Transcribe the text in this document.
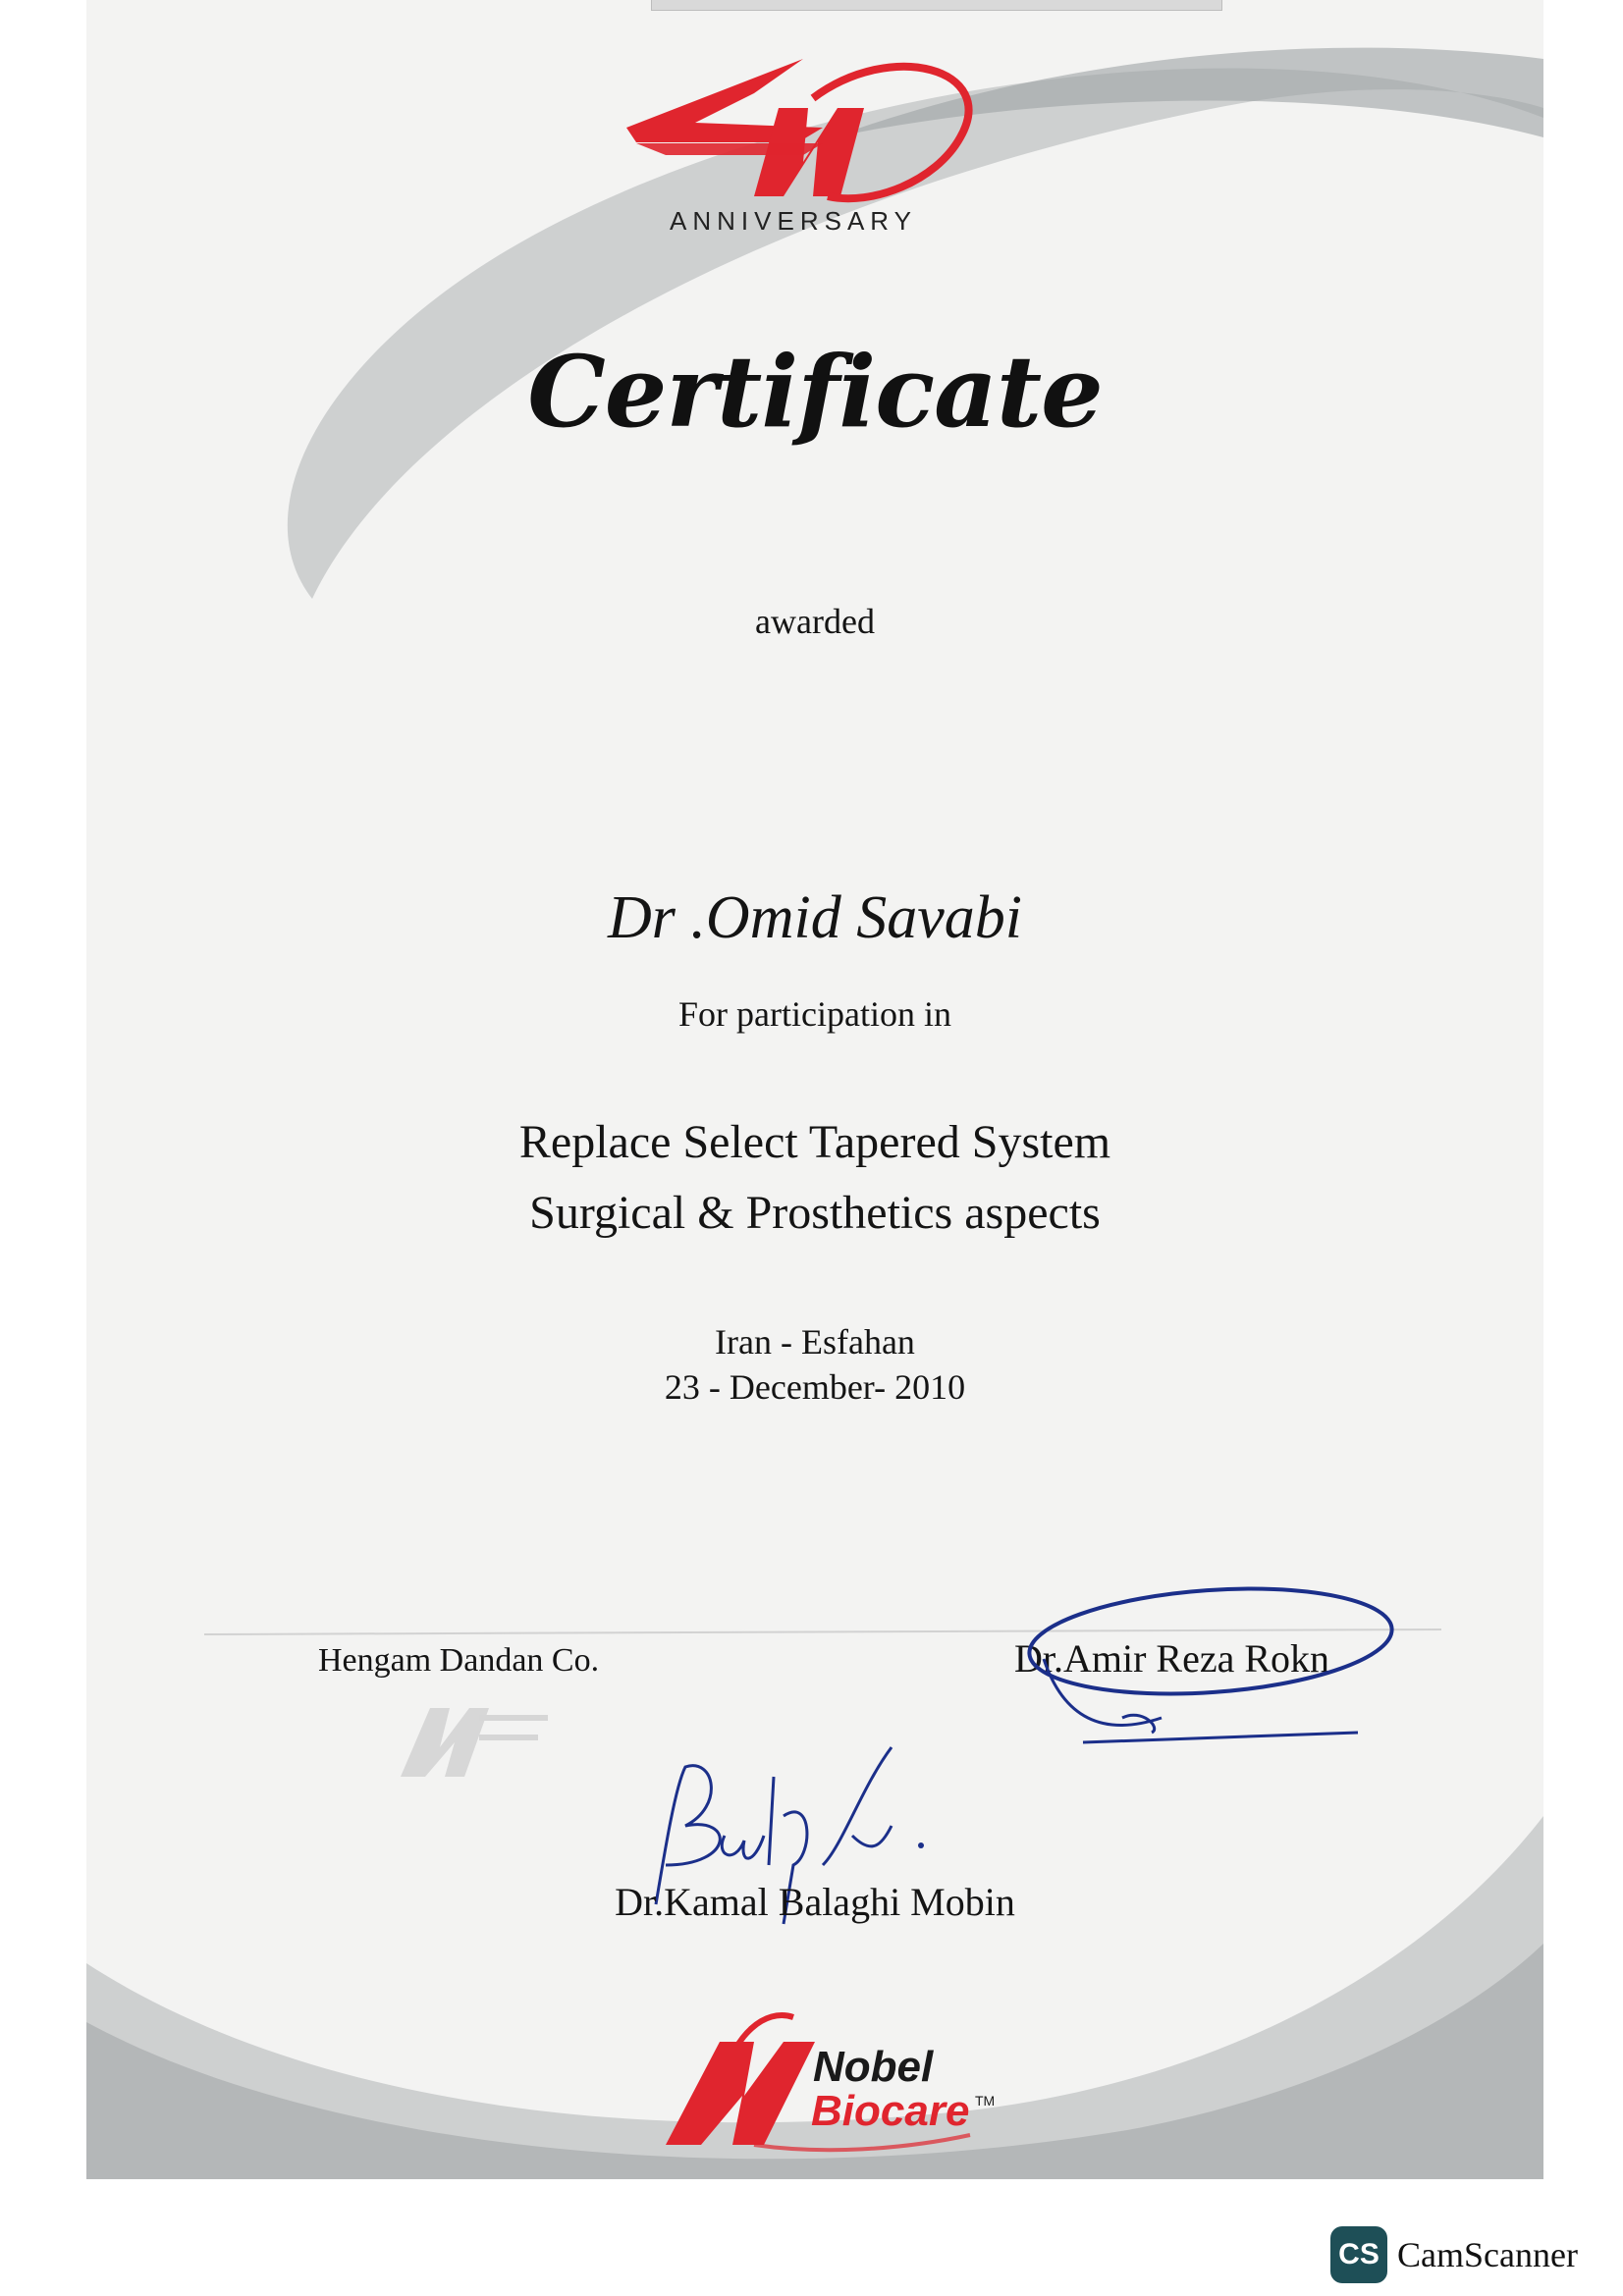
ANNIVERSARY
Certificate
awarded
Dr .Omid Savabi
For participation in
Replace Select Tapered System
Surgical & Prosthetics aspects
Iran - Esfahan
23 - December- 2010
Hengam Dandan Co.	Dr.Amir Reza Rokn
Dr.Kamal Balaghi Mobin
Nobel
Biocare TM
CS CamScanner
